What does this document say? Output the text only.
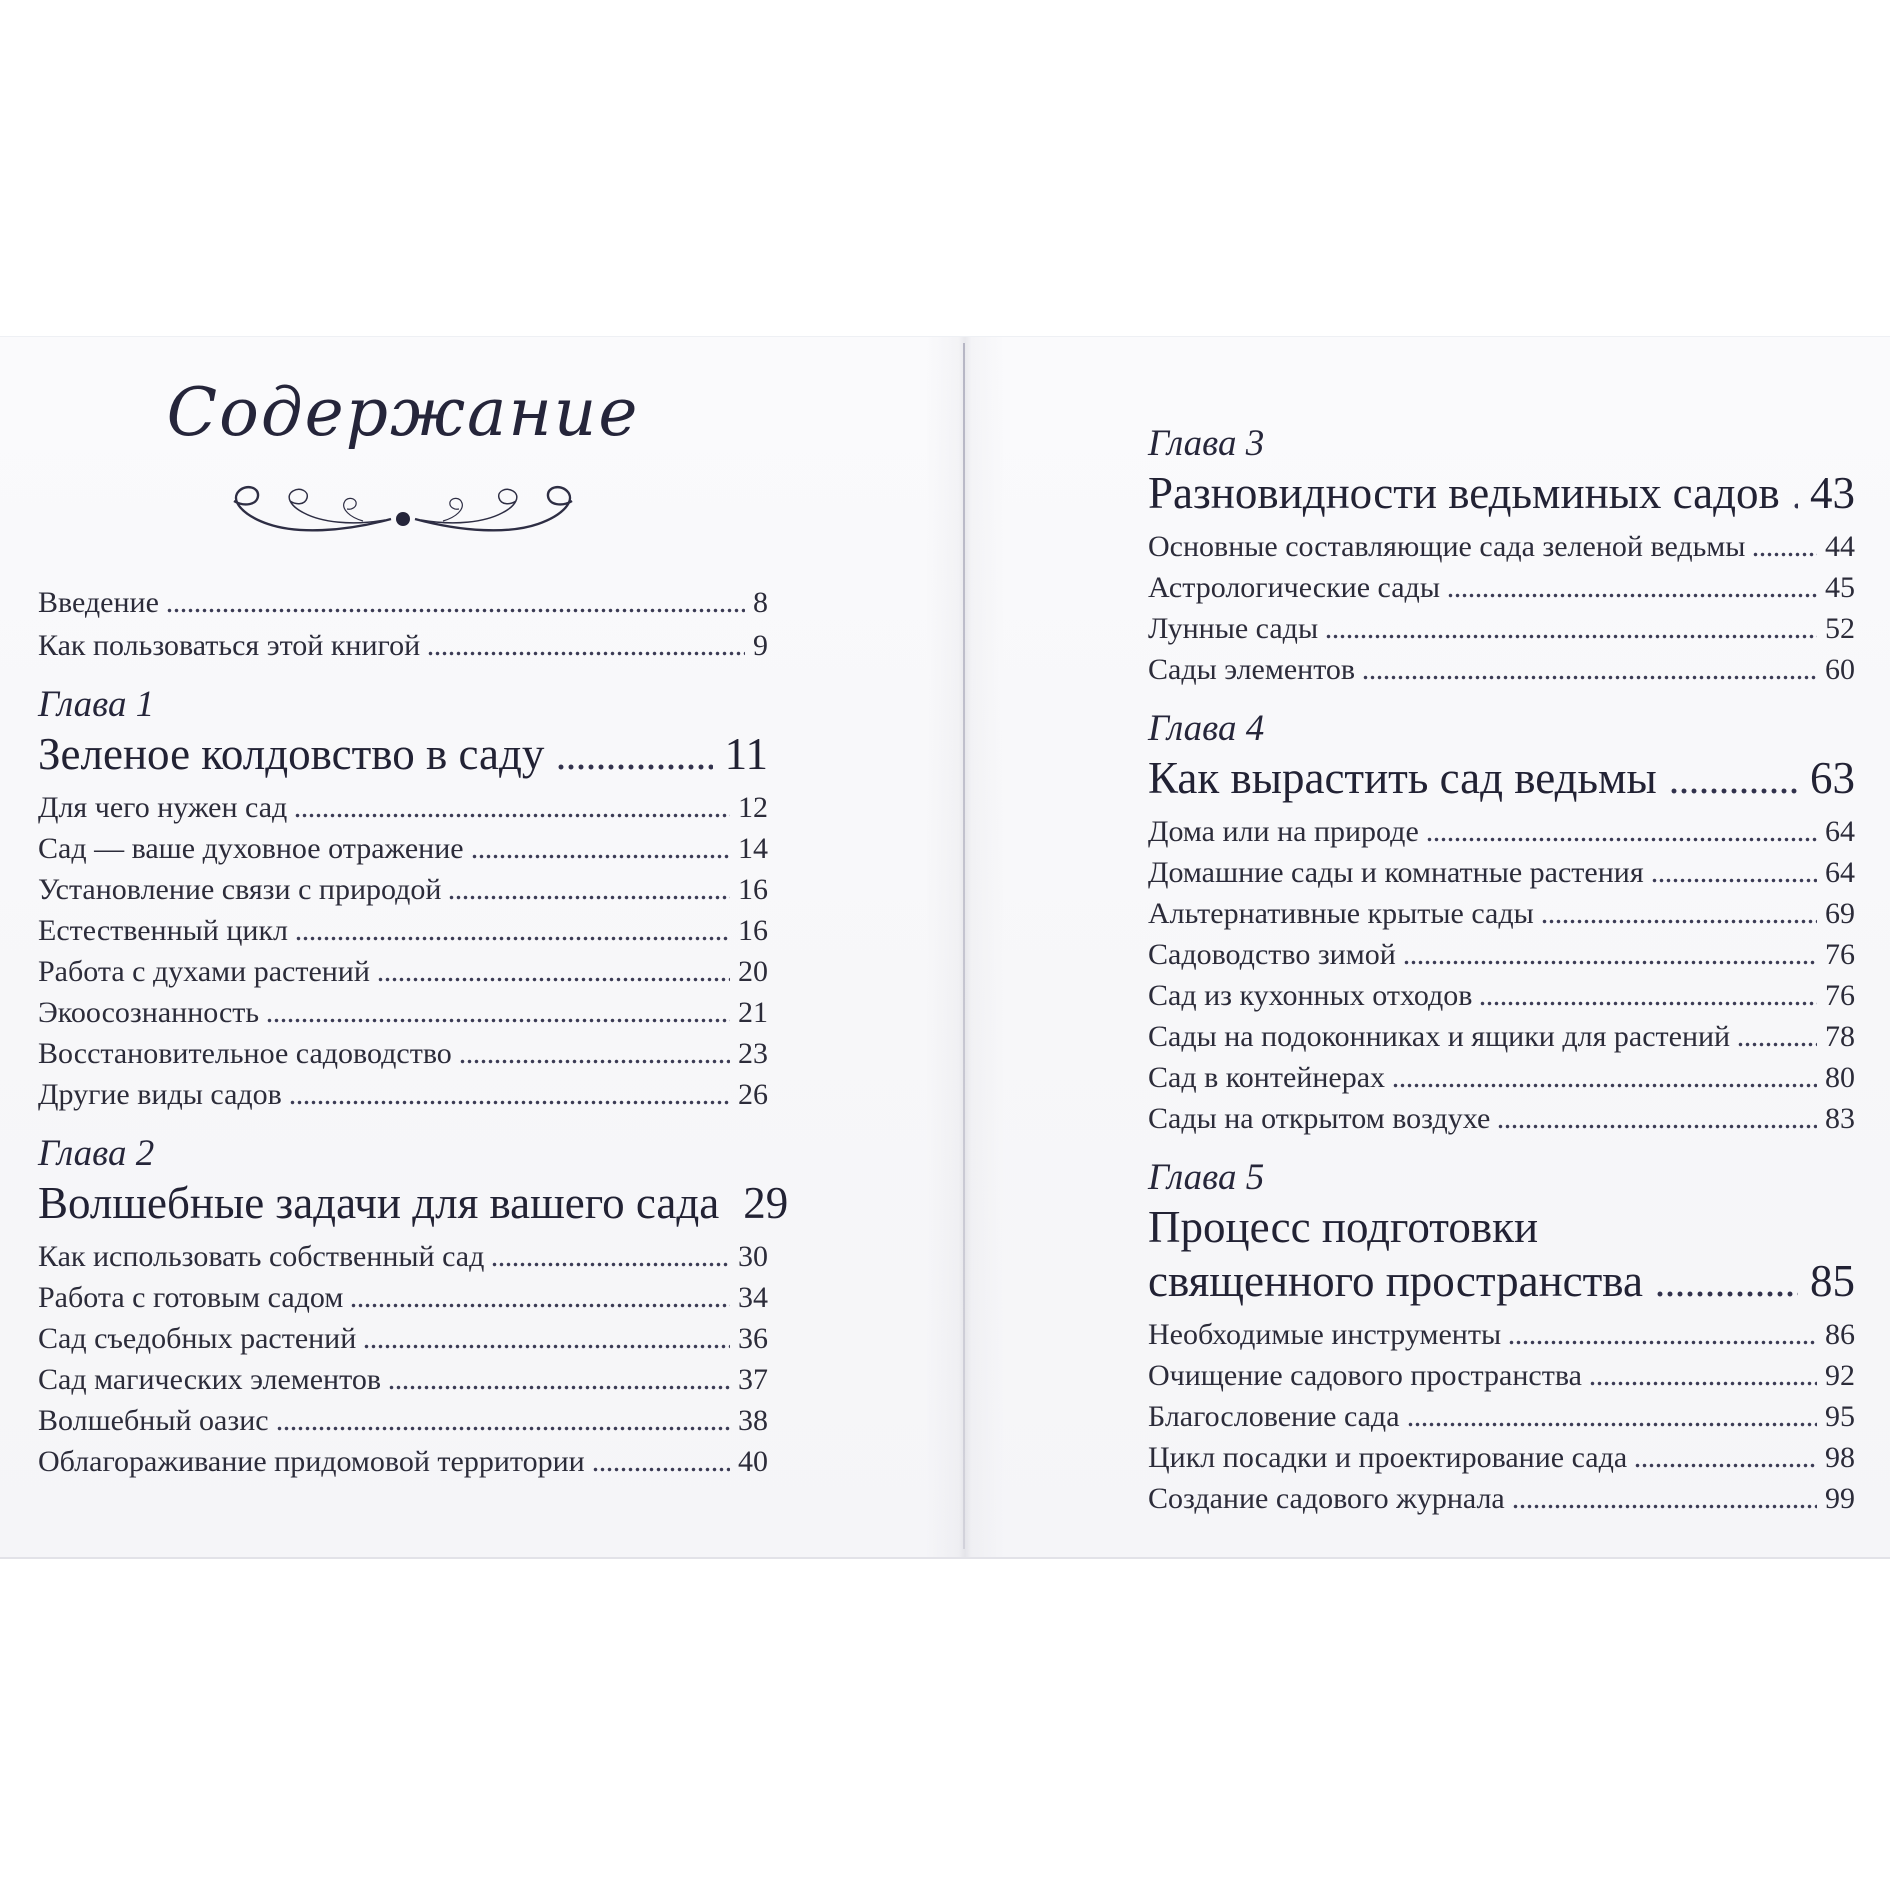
Содержание
Введение	8
Как пользоваться этой книгой	9
Глава 1
Зеленое колдовство в саду	11
Для чего нужен сад	12
Сад — ваше духовное отражение	14
Установление связи с природой	16
Естественный цикл	16
Работа с духами растений	20
Экоосознанность	21
Восстановительное садоводство	23
Другие виды садов	26
Глава 2
Волшебные задачи для вашего сада 29
Как использовать собственный сад	30
Работа с готовым садом	34
Сад съедобных растений	36
Сад магических элементов	37
Волшебный оазис	38
Облагораживание придомовой территории	40
Глава 3
Разновидности ведьминых садов 43
Основные составляющие сада зеленой ведьмы	44
Астрологические сады	45
Лунные сады	52
Сады элементов	60
Глава 4
Как вырастить сад ведьмы	63
Дома или на природе	64
Домашние сады и комнатные растения	64
Альтернативные крытые сады	69
Садоводство зимой	76
Сад из кухонных отходов	76
Сады на подоконниках и ящики для растений	78
Сад в контейнерах	80
Сады на открытом воздухе	83
Глава 5
Процесс подготовки
священного пространства	85
Необходимые инструменты	86
Очищение садового пространства	92
Благословение сада	95
Цикл посадки и проектирование сада	98
Создание садового журнала	99
